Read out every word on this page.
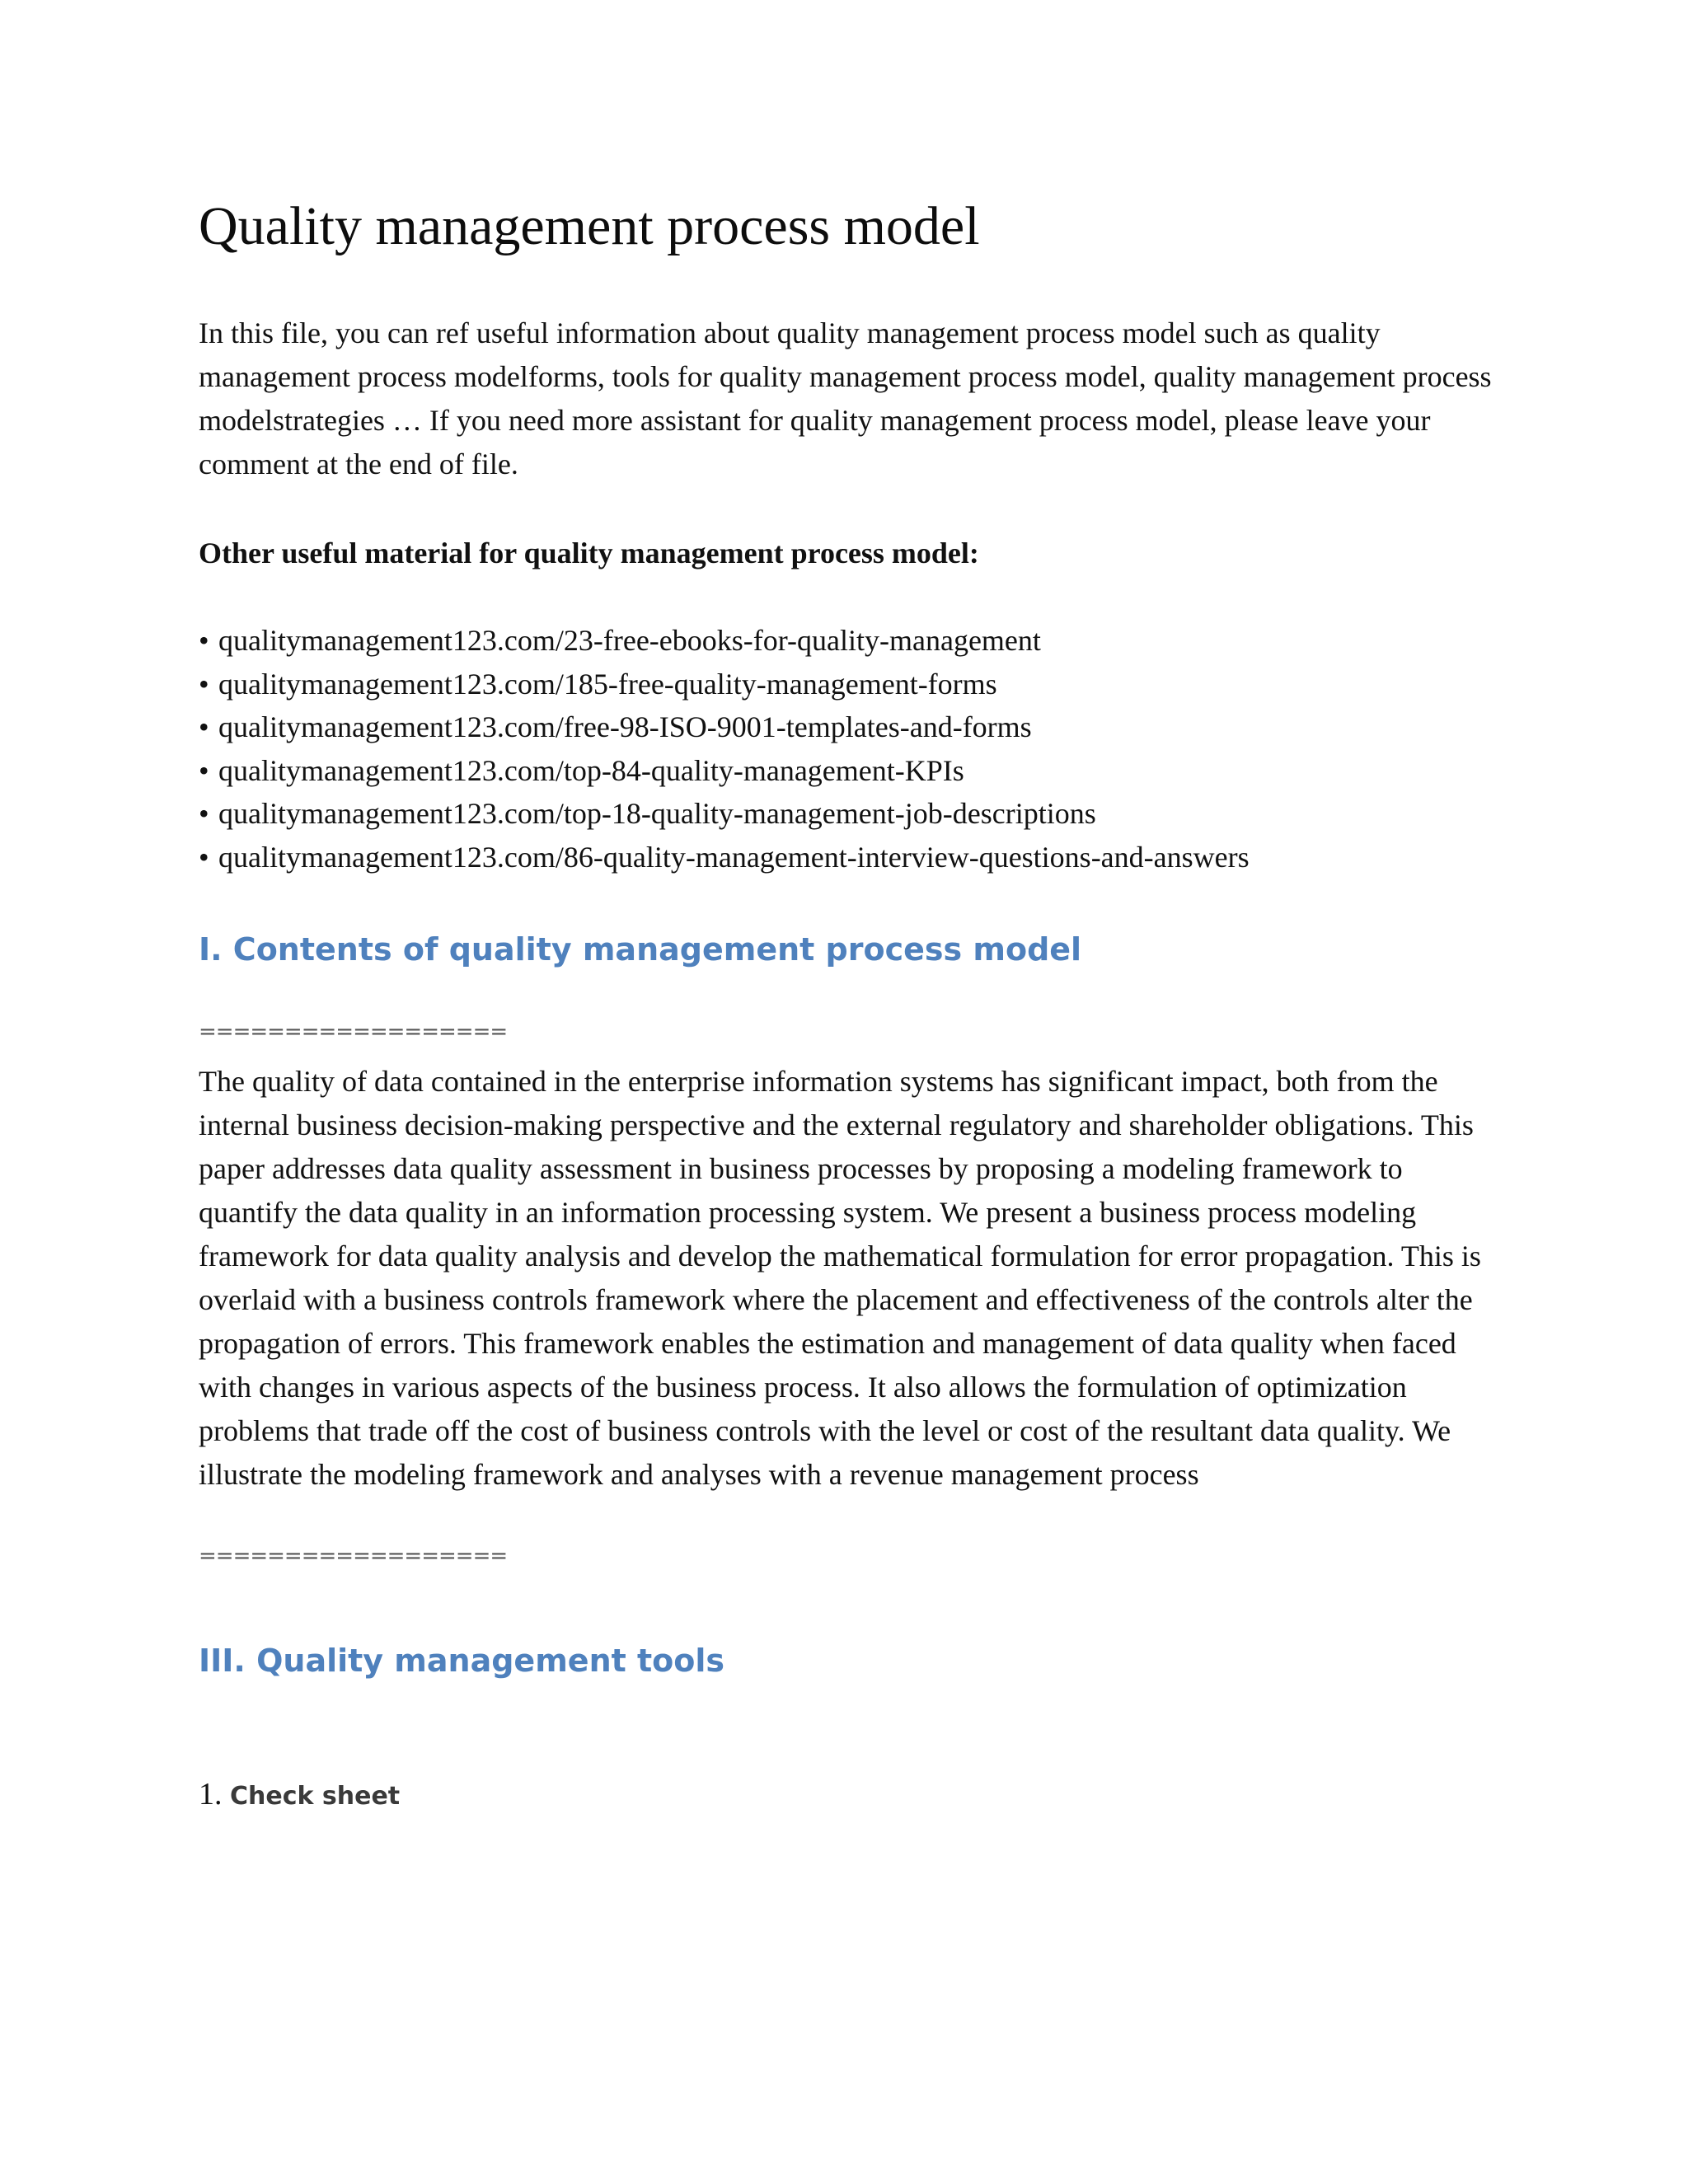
Quality management process model
In this file, you can ref useful information about quality management process model such as quality management process modelforms, tools for quality management process model, quality management process modelstrategies … If you need more assistant for quality management process model, please leave your comment at the end of file.
Other useful material for quality management process model:
• qualitymanagement123.com/23-free-ebooks-for-quality-management
• qualitymanagement123.com/185-free-quality-management-forms
• qualitymanagement123.com/free-98-ISO-9001-templates-and-forms
• qualitymanagement123.com/top-84-quality-management-KPIs
• qualitymanagement123.com/top-18-quality-management-job-descriptions
• qualitymanagement123.com/86-quality-management-interview-questions-and-answers
I. Contents of quality management process model
==================
The quality of data contained in the enterprise information systems has significant impact, both from the internal business decision-making perspective and the external regulatory and shareholder obligations. This paper addresses data quality assessment in business processes by proposing a modeling framework to quantify the data quality in an information processing system. We present a business process modeling framework for data quality analysis and develop the mathematical formulation for error propagation. This is overlaid with a business controls framework where the placement and effectiveness of the controls alter the propagation of errors. This framework enables the estimation and management of data quality when faced with changes in various aspects of the business process. It also allows the formulation of optimization problems that trade off the cost of business controls with the level or cost of the resultant data quality. We illustrate the modeling framework and analyses with a revenue management process
==================
III. Quality management tools
1. Check sheet
